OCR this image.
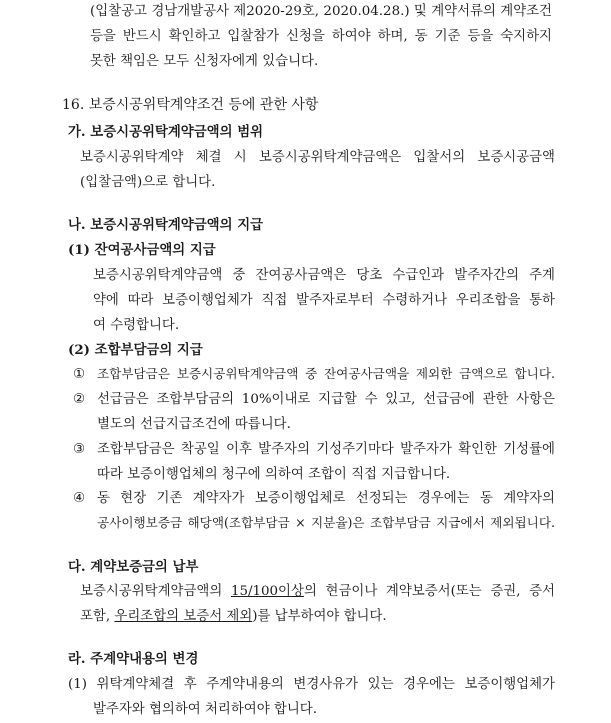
(입찰공고 경남개발공사 제2020-29호, 2020.04.28.) 및 계약서류의 계약조건
등을 반드시 확인하고 입찰참가 신청을 하여야 하며, 동 기준 등을 숙지하지
못한 책임은 모두 신청자에게 있습니다.
16. 보증시공위탁계약조건 등에 관한 사항
가. 보증시공위탁계약금액의 범위
보증시공위탁계약 체결 시 보증시공위탁계약금액은 입찰서의 보증시공금액
(입찰금액)으로 합니다.
나. 보증시공위탁계약금액의 지급
(1) 잔여공사금액의 지급
보증시공위탁계약금액 중 잔여공사금액은 당초 수급인과 발주자간의 주계
약에 따라 보증이행업체가 직접 발주자로부터 수령하거나 우리조합을 통하
여 수령합니다.
(2) 조합부담금의 지급
① 조합부담금은 보증시공위탁계약금액 중 잔여공사금액을 제외한 금액으로 합니다.
② 선급금은 조합부담금의 10%이내로 지급할 수 있고, 선급금에 관한 사항은
별도의 선급지급조건에 따릅니다.
③ 조합부담금은 착공일 이후 발주자의 기성주기마다 발주자가 확인한 기성률에
따라 보증이행업체의 청구에 의하여 조합이 직접 지급합니다.
④ 동 현장 기존 계약자가 보증이행업체로 선정되는 경우에는 동 계약자의
공사이행보증금 해당액(조합부담금 × 지분율)은 조합부담금 지급에서 제외됩니다.
다. 계약보증금의 납부
보증시공위탁계약금액의 15/100이상의 현금이나 계약보증서(또는 증권, 증서
포함, 우리조합의 보증서 제외)를 납부하여야 합니다.
라. 주계약내용의 변경
(1) 위탁계약체결 후 주계약내용의 변경사유가 있는 경우에는 보증이행업체가
발주자와 협의하여 처리하여야 합니다.
